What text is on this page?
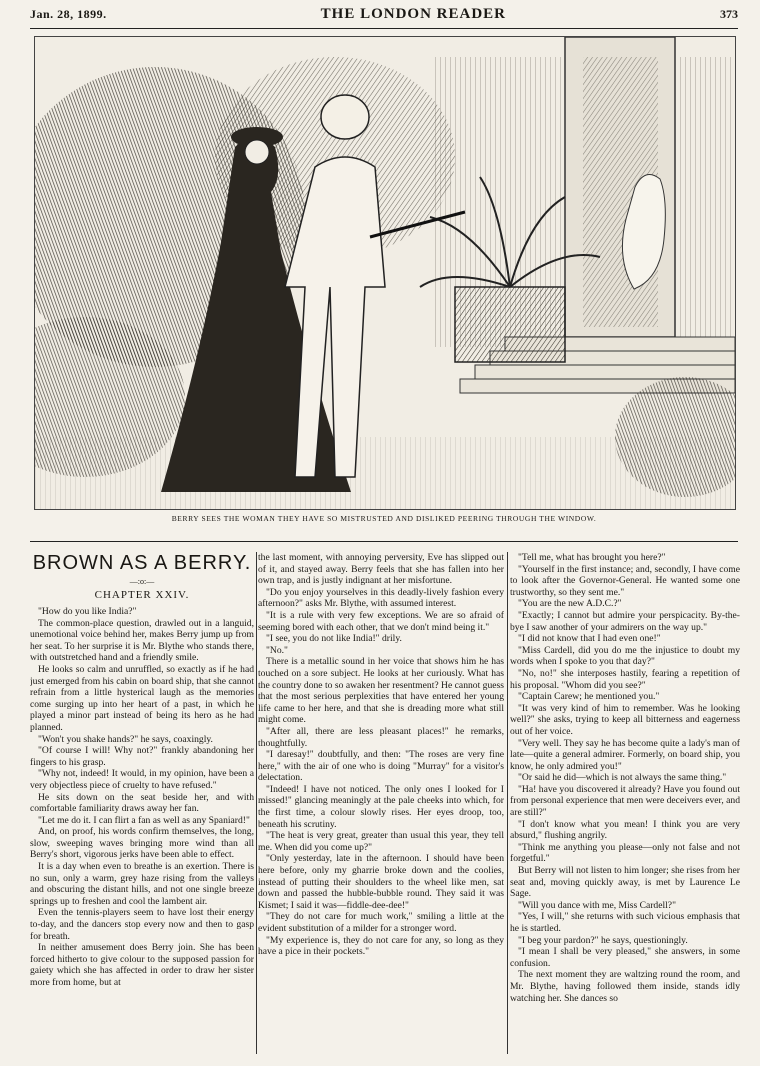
Jan. 28, 1899.	THE LONDON READER	373
BERRY SEES THE WOMAN THEY HAVE SO MISTRUSTED AND DISLIKED PEERING THROUGH THE WINDOW.
BROWN AS A BERRY.
—:o:—
CHAPTER XXIV.

"How do you like India?"

The common-place question, drawled out in a languid, unemotional voice behind her, makes Berry jump up from her seat. To her surprise it is Mr. Blythe who stands there, with outstretched hand and a friendly smile.

He looks so calm and unruffled, so exactly as if he had just emerged from his cabin on board ship, that she cannot refrain from a little hysterical laugh as the memories come surging up into her heart of a past, in which he played a minor part instead of being its hero as he had planned.

"Won't you shake hands?" he says, coaxingly.

"Of course I will! Why not?" frankly abandoning her fingers to his grasp.

"Why not, indeed! It would, in my opinion, have been a very objectless piece of cruelty to have refused."

He sits down on the seat beside her, and with comfortable familiarity draws away her fan.

"Let me do it. I can flirt a fan as well as any Spaniard!"

And, on proof, his words confirm themselves, the long, slow, sweeping waves bringing more wind than all Berry's short, vigorous jerks have been able to effect.

It is a day when even to breathe is an exertion. There is no sun, only a warm, grey haze rising from the valleys and obscuring the distant hills, and not one single breeze springs up to freshen and cool the lambent air.

Even the tennis-players seem to have lost their energy to-day, and the dancers stop every now and then to gasp for breath.

In neither amusement does Berry join. She has been forced hitherto to give colour to the supposed passion for gaiety which she has affected in order to draw her sister more from home, but at

the last moment, with annoying perversity, Eve has slipped out of it, and stayed away. Berry feels that she has fallen into her own trap, and is justly indignant at her misfortune.

"Do you enjoy yourselves in this deadly-lively fashion every afternoon?" asks Mr. Blythe, with assumed interest.

"It is a rule with very few exceptions. We are so afraid of seeming bored with each other, that we don't mind being it."

"I see, you do not like India!" drily.

"No."

There is a metallic sound in her voice that shows him he has touched on a sore subject. He looks at her curiously. What has the country done to so awaken her resentment? He cannot guess that the most serious perplexities that have entered her young life came to her here, and that she is dreading more what still might come.

"After all, there are less pleasant places!" he remarks, thoughtfully.

"I daresay!" doubtfully, and then: "The roses are very fine here," with the air of one who is doing "Murray" for a visitor's delectation.

"Indeed! I have not noticed. The only ones I looked for I missed!" glancing meaningly at the pale cheeks into which, for the first time, a colour slowly rises. Her eyes droop, too, beneath his scrutiny.

"The heat is very great, greater than usual this year, they tell me. When did you come up?"

"Only yesterday, late in the afternoon. I should have been here before, only my gharrie broke down and the coolies, instead of putting their shoulders to the wheel like men, sat down and passed the hubble-bubble round. They said it was Kismet; I said it was—fiddle-dee-dee!"

"They do not care for much work," smiling a little at the evident substitution of a milder for a stronger word.

"My experience is, they do not care for any, so long as they have a pice in their pockets."

"Tell me, what has brought you here?"

"Yourself in the first instance; and, secondly, I have come to look after the Governor-General. He wanted some one trustworthy, so they sent me."

"You are the new A.D.C.?"

"Exactly; I cannot but admire your perspicacity. By-the-bye I saw another of your admirers on the way up."

"I did not know that I had even one!"

"Miss Cardell, did you do me the injustice to doubt my words when I spoke to you that day?"

"No, no!" she interposes hastily, fearing a repetition of his proposal. "Whom did you see?"

"Captain Carew; he mentioned you."

"It was very kind of him to remember. Was he looking well?" she asks, trying to keep all bitterness and eagerness out of her voice.

"Very well. They say he has become quite a lady's man of late—quite a general admirer. Formerly, on board ship, you know, he only admired you!"

"Or said he did—which is not always the same thing."

"Ha! have you discovered it already? Have you found out from personal experience that men were deceivers ever, and are still?"

"I don't know what you mean! I think you are very absurd," flushing angrily.

"Think me anything you please—only not false and not forgetful."

But Berry will not listen to him longer; she rises from her seat and, moving quickly away, is met by Laurence Le Sage.

"Will you dance with me, Miss Cardell?"

"Yes, I will," she returns with such vicious emphasis that he is startled.

"I beg your pardon?" he says, questioningly.

"I mean I shall be very pleased," she answers, in some confusion.

The next moment they are waltzing round the room, and Mr. Blythe, having followed them inside, stands idly watching her. She dances so
